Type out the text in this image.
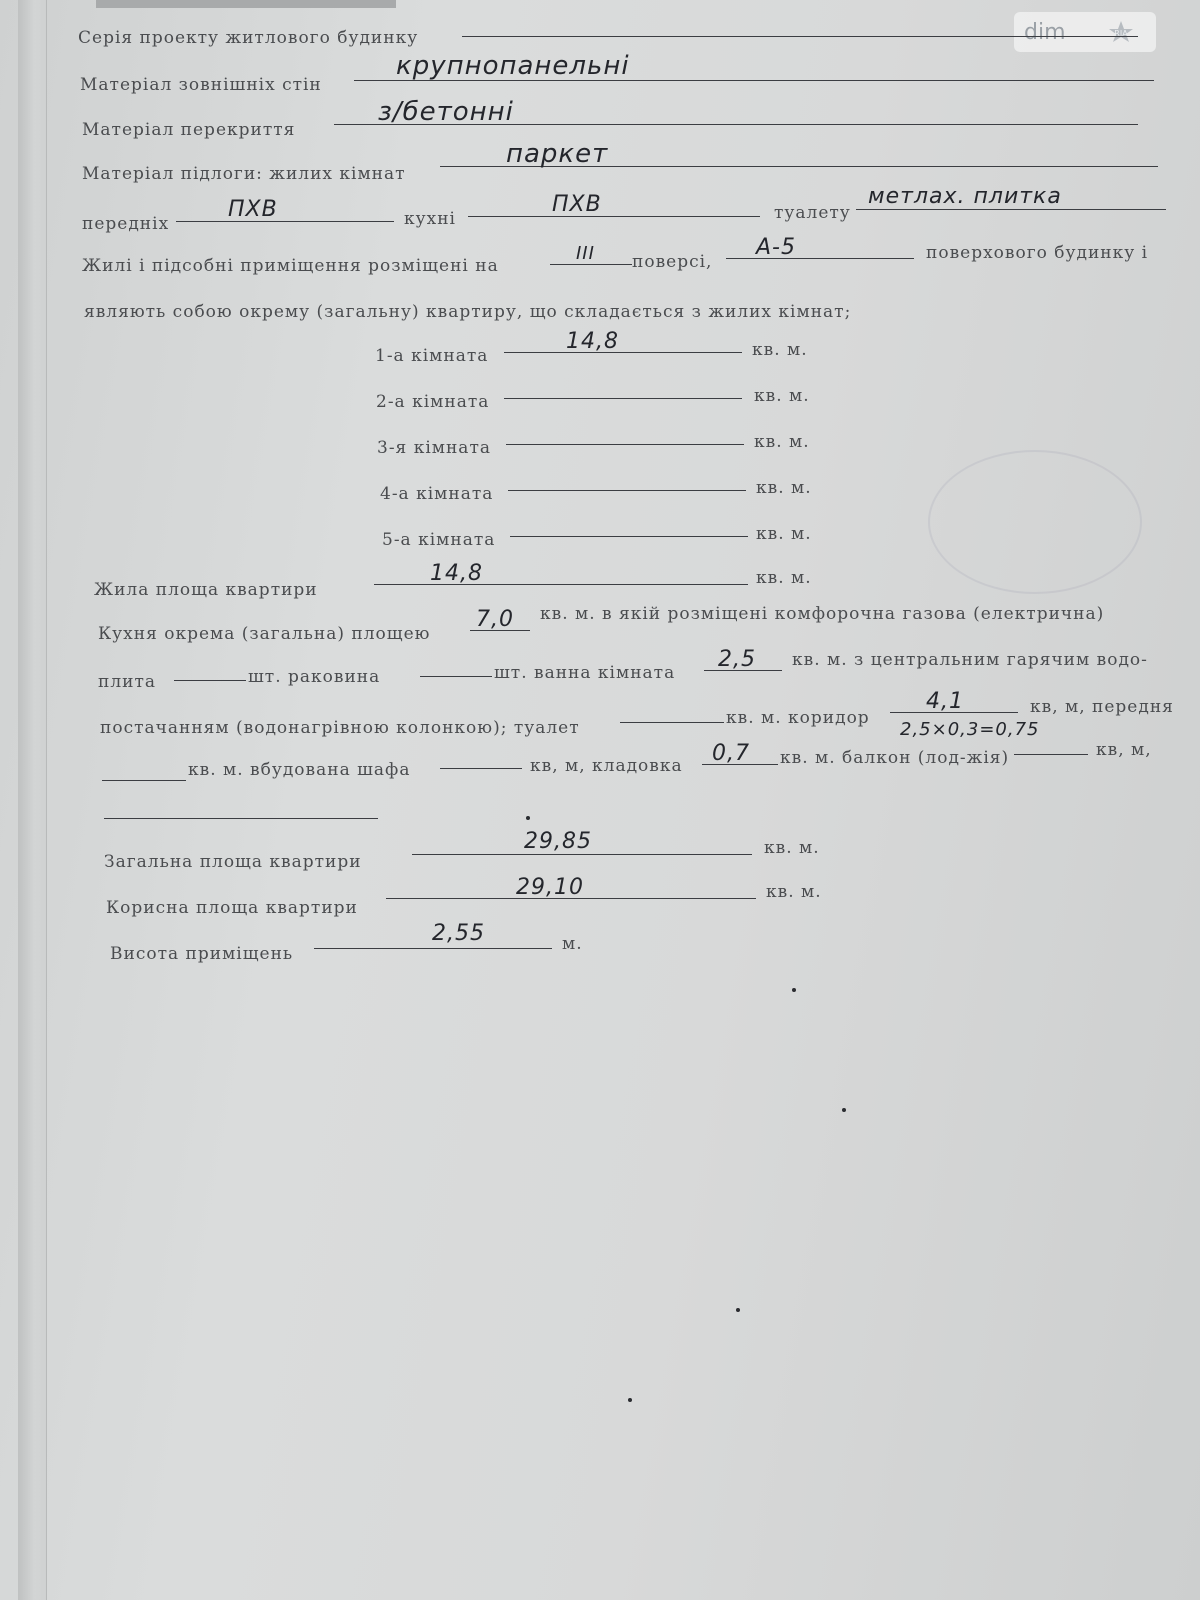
dim	RIA
Серія проекту житлового будинку
Матеріал зовнішніх стін
крупнопанельні
Матеріал перекриття
з/бетонні
Матеріал підлоги: жилих кімнат
паркет
передніх
ПХВ	кухні
ПХВ	туалету
метлах. плитка
Жилі і підсобні приміщення розміщені на
III поверсі,
А-5	поверхового будинку і
являють собою окрему (загальну) квартиру, що складається з жилих кімнат;
1-а кімната
14,8	кв. м.
2-а кімната	кв. м.
3-я кімната	кв. м.
4-а кімната	кв. м.
5-а кімната	кв. м.
Жила площа квартири
14,8	кв. м.
Кухня окрема (загальна) площею
7,0 кв. м. в якій розміщені комфорочна газова (електрична)
плита	шт. раковина	шт. ванна кімната
2,5 кв. м. з центральним гарячим водо-
постачанням (водонагрівною колонкою); туалет	кв. м. коридор
4,1	кв, м, передня
2,5×0,3=0,75
кв. м. вбудована шафа	кв, м, кладовка 0,7 кв. м. балкон (лод-жія)	кв, м,
Загальна площа квартири
29,85	кв. м.
Корисна площа квартири
29,10	кв. м.
Висота приміщень
2,55	м.
